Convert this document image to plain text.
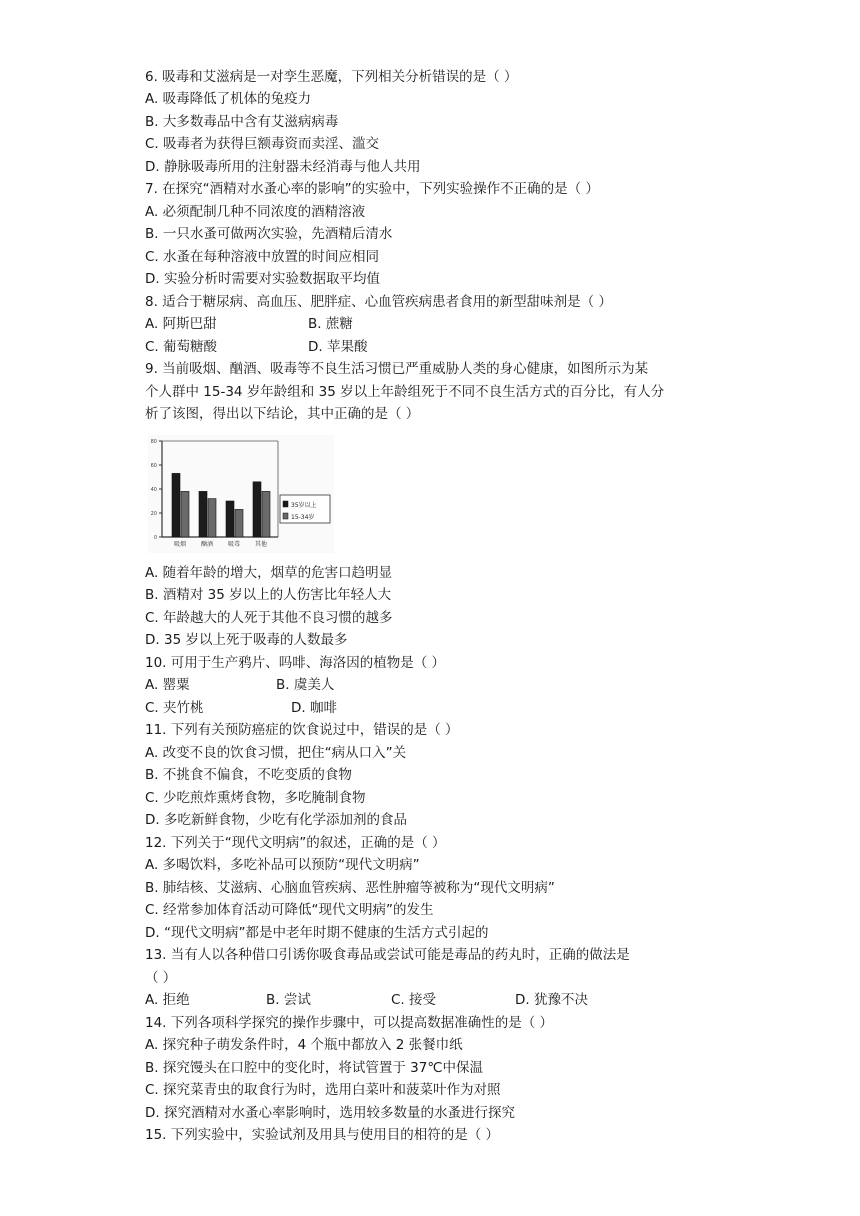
6. 吸毒和艾滋病是一对孪生恶魔，下列相关分析错误的是（ ）
A. 吸毒降低了机体的兔疫力
B. 大多数毒品中含有艾滋病病毒
C. 吸毒者为获得巨额毒资而卖淫、滥交
D. 静脉吸毒所用的注射器未经消毒与他人共用
7. 在探究“酒精对水蚤心率的影响”的实验中，下列实验操作不正确的是（ ）
A. 必须配制几种不同浓度的酒精溶液
B. 一只水蚤可做两次实验，先酒精后清水
C. 水蚤在每种溶液中放置的时间应相同
D. 实验分析时需要对实验数据取平均值
8. 适合于糖尿病、高血压、肥胖症、心血管疾病患者食用的新型甜味剂是（ ）
A. 阿斯巴甜	B. 蔗糖
C. 葡萄糖酸	D. 苹果酸
9. 当前吸烟、酗酒、吸毒等不良生活习惯已严重威胁人类的身心健康，如图所示为某
个人群中 15-34 岁年龄组和 35 岁以上年龄组死于不同不良生活方式的百分比，有人分
析了该图，得出以下结论，其中正确的是（ ）
0
20
40
60
80
吸烟 酗酒 吸毒 其他
35岁以上
15-34岁
A. 随着年龄的增大，烟草的危害口趋明显
B. 酒精对 35 岁以上的人伤害比年轻人大
C. 年龄越大的人死于其他不良习惯的越多
D. 35 岁以上死于吸毒的人数最多
10. 可用于生产鸦片、吗啡、海洛因的植物是（ ）
A. 罂粟	B. 虞美人
C. 夹竹桃	D. 咖啡
11. 下列有关预防癌症的饮食说过中，错误的是（ ）
A. 改变不良的饮食习惯，把住“病从口入”关
B. 不挑食不偏食，不吃变质的食物
C. 少吃煎炸熏烤食物，多吃腌制食物
D. 多吃新鲜食物，少吃有化学添加剂的食品
12. 下列关于“现代文明病”的叙述，正确的是（ ）
A. 多喝饮料，多吃补品可以预防“现代文明病”
B. 肺结核、艾滋病、心脑血管疾病、恶性肿瘤等被称为“现代文明病”
C. 经常参加体育活动可降低“现代文明病”的发生
D. “现代文明病”都是中老年时期不健康的生活方式引起的
13. 当有人以各种借口引诱你吸食毒品或尝试可能是毒品的药丸时，正确的做法是
（ ）
A. 拒绝	B. 尝试	C. 接受	D. 犹豫不决
14. 下列各项科学探究的操作步骤中，可以提高数据准确性的是（ ）
A. 探究种子萌发条件时，4 个瓶中都放入 2 张餐巾纸
B. 探究馒头在口腔中的变化时，将试管置于 37℃中保温
C. 探究菜青虫的取食行为时，选用白菜叶和菠菜叶作为对照
D. 探究酒精对水蚤心率影响时，选用较多数量的水蚤进行探究
15. 下列实验中，实验试剂及用具与使用目的相符的是（ ）
